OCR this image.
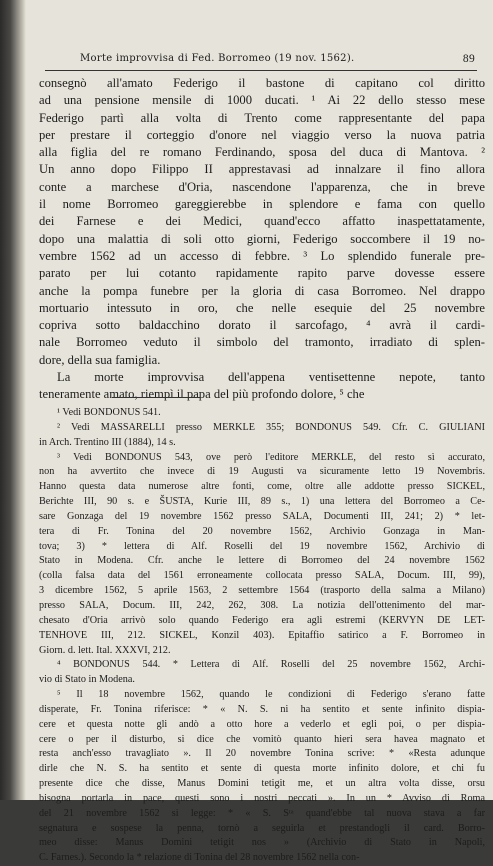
Morte improvvisa di Fed. Borromeo (19 nov. 1562).	89
consegnò all'amato Federigo il bastone di capitano col diritto
ad una pensione mensile di 1000 ducati. ¹ Ai 22 dello stesso mese
Federigo partì alla volta di Trento come rappresentante del papa
per prestare il corteggio d'onore nel viaggio verso la nuova patria
alla figlia del re romano Ferdinando, sposa del duca di Mantova. ²
Un anno dopo Filippo II apprestavasi ad innalzare il fino allora
conte a marchese d'Oria, nascendone l'apparenza, che in breve
il nome Borromeo gareggierebbe in splendore e fama con quello
dei Farnese e dei Medici, quand'ecco affatto inaspettatamente,
dopo una malattia di soli otto giorni, Federigo soccombere il 19 no-
vembre 1562 ad un accesso di febbre. ³ Lo splendido funerale pre-
parato per lui cotanto rapidamente rapito parve dovesse essere
anche la pompa funebre per la gloria di casa Borromeo. Nel drappo
mortuario intessuto in oro, che nelle esequie del 25 novembre
copriva sotto baldacchino dorato il sarcofago, ⁴ avrà il cardi-
nale Borromeo veduto il simbolo del tramonto, irradiato di splen-
dore, della sua famiglia.
La morte improvvisa dell'appena ventisettenne nepote, tanto
teneramente amato, riempì il papa del più profondo dolore, ⁵ che
¹ Vedi BONDONUS 541.
² Vedi MASSARELLI presso MERKLE 355; BONDONUS 549. Cfr. C. GIULIANI
in Arch. Trentino III (1884), 14 s.
³ Vedi BONDONUS 543, ove però l'editore MERKLE, del resto sì accurato,
non ha avvertito che invece di 19 Augusti va sicuramente letto 19 Novembris.
Hanno questa data numerose altre fonti, come, oltre alle addotte presso SICKEL,
Berichte III, 90 s. e ŠUSTA, Kurie III, 89 s., 1) una lettera del Borromeo a Ce-
sare Gonzaga del 19 novembre 1562 presso SALA, Documenti III, 241; 2) * let-
tera di Fr. Tonina del 20 novembre 1562, Archivio Gonzaga in Man-
tova; 3) * lettera di Alf. Roselli del 19 novembre 1562, Archivio di
Stato in Modena. Cfr. anche le lettere di Borromeo del 24 novembre 1562
(colla falsa data del 1561 erroneamente collocata presso SALA, Docum. III, 99),
3 dicembre 1562, 5 aprile 1563, 2 settembre 1564 (trasporto della salma a Milano)
presso SALA, Docum. III, 242, 262, 308. La notizia dell'ottenimento del mar-
chesato d'Oria arrivò solo quando Federigo era agli estremi (KERVYN DE LET-
TENHOVE III, 212. SICKEL, Konzil 403). Epitaffio satirico a F. Borromeo in
Giorn. d. lett. Ital. XXXVI, 212.
⁴ BONDONUS 544. * Lettera di Alf. Roselli del 25 novembre 1562, Archi-
vio di Stato in Modena.
⁵ Il 18 novembre 1562, quando le condizioni di Federigo s'erano fatte
disperate, Fr. Tonina riferisce: * « N. S. ni ha sentito et sente infinito dispia-
cere et questa notte gli andò a otto hore a vederlo et egli poi, o per dispia-
cere o per il disturbo, si dice che vomitò quanto hieri sera havea magnato et
resta anch'esso travagliato ». Il 20 novembre Tonina scrive: * «Resta adunque
dirle che N. S. ha sentito et sente di questa morte infinito dolore, et chi fu
presente dice che disse, Manus Domini tetigit me, et un altra volta disse, orsu
bisogna portarla in pace, questi sono i nostri peccati ». In un * Avviso di Roma
del 21 novembre 1562 si legge: * « S. Sᵗᵃ quand'ebbe tal nuova stava a far
segnatura e sospese la penna, tornò a seguirla et prestandogli il card. Borro-
meo disse: Manus Domini tetigit nos » (Archivio di Stato in Napoli,
C. Farnes.). Secondo la * relazione di Tonina del 28 novembre 1562 nella con-
